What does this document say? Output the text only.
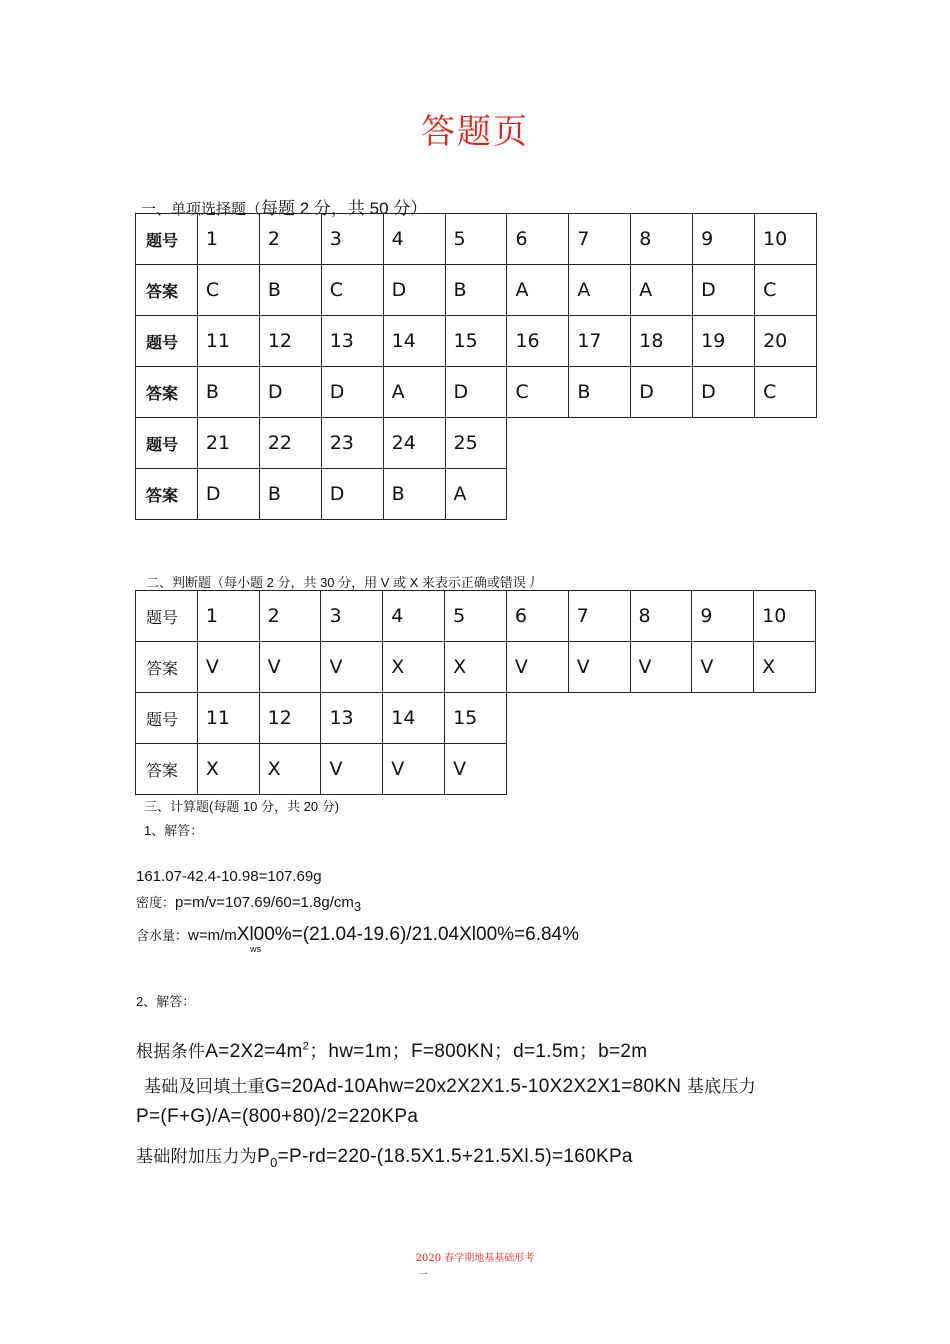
答题页
一、单项选择题（每题 2 分，共 50 分）
题号	1	2	3	4	5	6	7	8	9	10
答案	C	B	C	D	B	A	A	A	D	C
题号	11	12	13	14	15	16	17	18	19	20
答案	B	D	D	A	D	C	B	D	D	C
题号	21	22	23	24	25					
答案	D	B	D	B	A					
二、判断题（每小题 2 分，共 30 分，用 V 或 X 来表示正确或错误丿
题号	1	2	3	4	5	6	7	8	9	10
答案	V	V	V	X	X	V	V	V	V	X
题号	11	12	13	14	15					
答案	X	X	V	V	V					
三、计算题(每题 10 分，共 20 分)
1、解答：
161.07-42.4-10.98=107.69g
密度：$p=m/v=107.69/60=1.8g/cm_3$
含水量：w=m/mXl00%=(21.04-19.6)/21.04Xl00%=6.84%
ws
2、解答：
根据条件$A=2X2=4m^2$；hw=1m；F=800KN；d=1.5m；b=2m
基础及回填土重G=20Ad-10Ahw=20x2X2X1.5-10X2X2X1=80KN 基底压力
P=(F+G)/A=(800+80)/2=220KPa
基础附加压力为$P_0=P-rd=220-(18.5X1.5+21.5Xl.5)=160KPa$
2020 春学期地基基础形考
一
